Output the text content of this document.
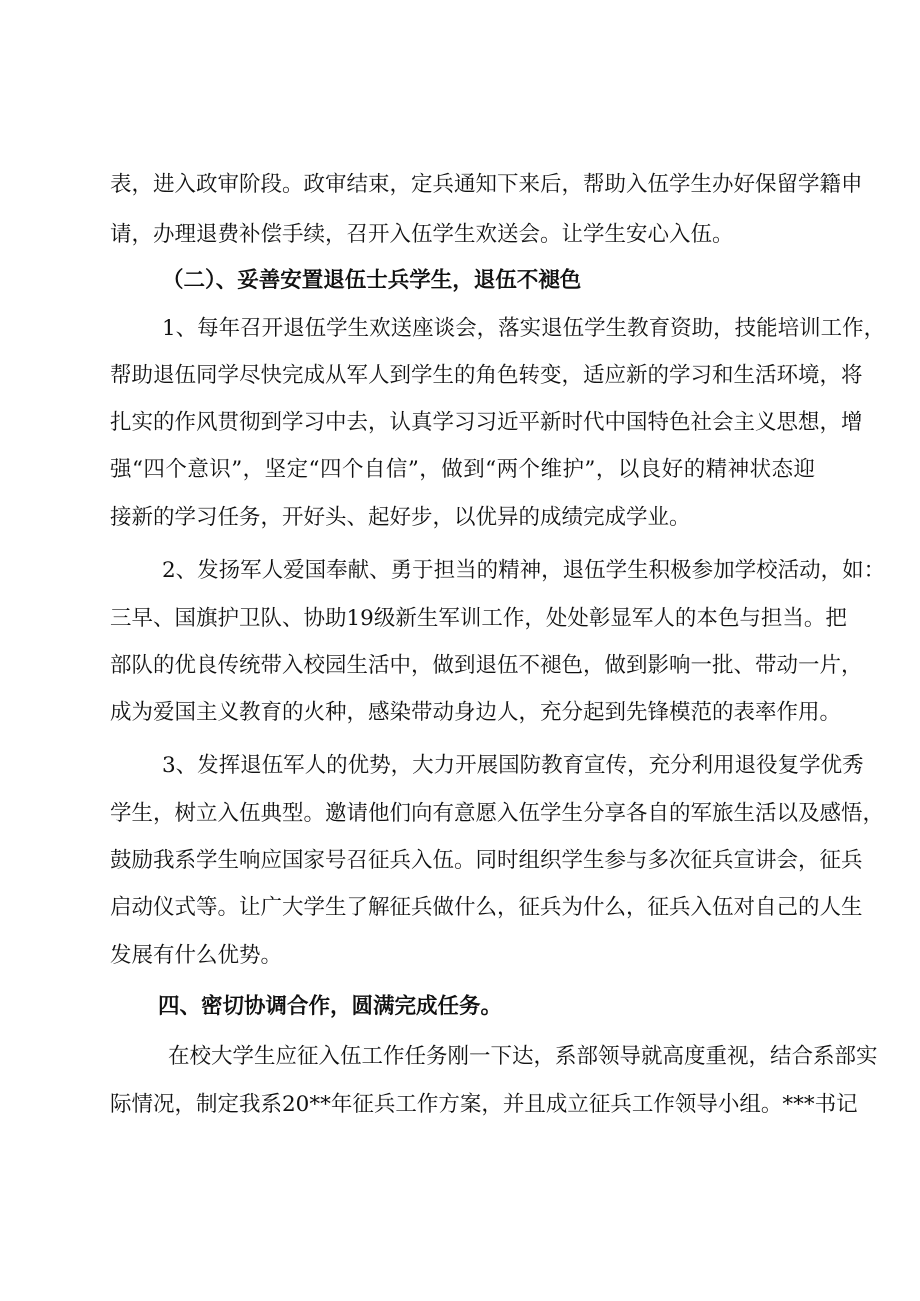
表，进入政审阶段。政审结束，定兵通知下来后，帮助入伍学生办好保留学籍申
请，办理退费补偿手续，召开入伍学生欢送会。让学生安心入伍。
（二）、妥善安置退伍士兵学生，退伍不褪色
1、每年召开退伍学生欢送座谈会，落实退伍学生教育资助，技能培训工作，
帮助退伍同学尽快完成从军人到学生的角色转变，适应新的学习和生活环境，将
扎实的作风贯彻到学习中去，认真学习习近平新时代中国特色社会主义思想，增
强“四个意识”，坚定“四个自信”，做到“两个维护”，以良好的精神状态迎
接新的学习任务，开好头、起好步，以优异的成绩完成学业。
2、发扬军人爱国奉献、勇于担当的精神，退伍学生积极参加学校活动，如：
三早、国旗护卫队、协助19级新生军训工作，处处彰显军人的本色与担当。把
部队的优良传统带入校园生活中，做到退伍不褪色，做到影响一批、带动一片，
成为爱国主义教育的火种，感染带动身边人，充分起到先锋模范的表率作用。
3、发挥退伍军人的优势，大力开展国防教育宣传，充分利用退役复学优秀
学生，树立入伍典型。邀请他们向有意愿入伍学生分享各自的军旅生活以及感悟，
鼓励我系学生响应国家号召征兵入伍。同时组织学生参与多次征兵宣讲会，征兵
启动仪式等。让广大学生了解征兵做什么，征兵为什么，征兵入伍对自己的人生
发展有什么优势。
四、密切协调合作，圆满完成任务。
在校大学生应征入伍工作任务刚一下达，系部领导就高度重视，结合系部实
际情况，制定我系20**年征兵工作方案，并且成立征兵工作领导小组。***书记
